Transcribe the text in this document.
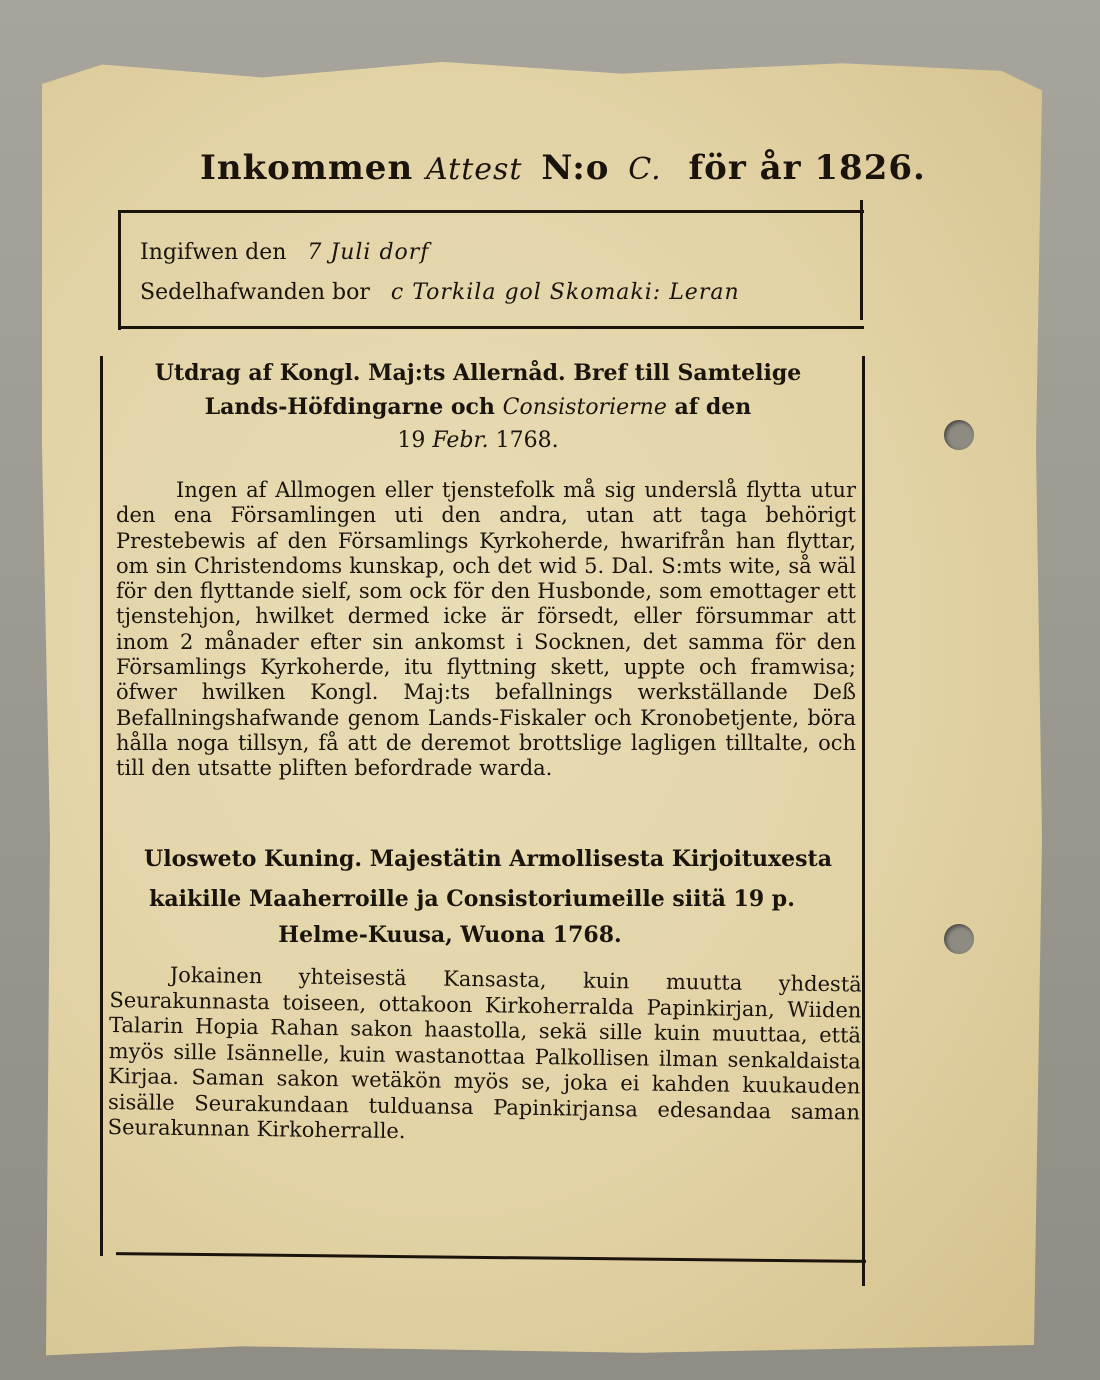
Inkommen Attest N:o C. för år 1826.
Ingifwen den 7 Juli dorf
Sedelhafwanden bor c Torkila gol Skomaki: Leran
Utdrag af Kongl. Maj:ts Allernåd. Bref till Samtelige
Lands-Höfdingarne och Consistorierne af den
19 Febr. 1768.

Ingen af Allmogen eller tjenstefolk må sig underslå flytta utur den ena Församlingen uti den andra, utan att taga behörigt Prestebewis af den Församlings Kyrkoherde, hwarifrån han flyttar, om sin Christendoms kunskap, och det wid 5. Dal. S:mts wite, så wäl för den flyttande sielf, som ock för den Husbonde, som emottager ett tjenstehjon, hwilket dermed icke är försedt, eller försummar att inom 2 månader efter sin ankomst i Socknen, det samma för den Församlings Kyrkoherde, itu flyttning skett, uppte och framwisa; öfwer hwilken Kongl. Maj:ts befallnings werkställande Deß Befallningshafwande genom Lands-Fiskaler och Kronobetjente, böra hålla noga tillsyn, få att de deremot brottslige lagligen tilltalte, och till den utsatte pliften befordrade warda.

Ulosweto Kuning. Majestätin Armollisesta Kirjoituxesta
kaikille Maaherroille ja Consistoriumeille siitä 19 p.
Helme-Kuusa, Wuona 1768.

Jokainen yhteisestä Kansasta, kuin muutta yhdestä Seurakunnasta toiseen, ottakoon Kirkoherralda Papinkirjan, Wiiden Talarin Hopia Rahan sakon haastolla, sekä sille kuin muuttaa, että myös sille Isännelle, kuin wastanottaa Palkollisen ilman senkaldaista Kirjaa. Saman sakon wetäkön myös se, joka ei kahden kuukauden sisälle Seurakundaan tulduansa Papinkirjansa edesandaa saman Seurakunnan Kirkoherralle.
